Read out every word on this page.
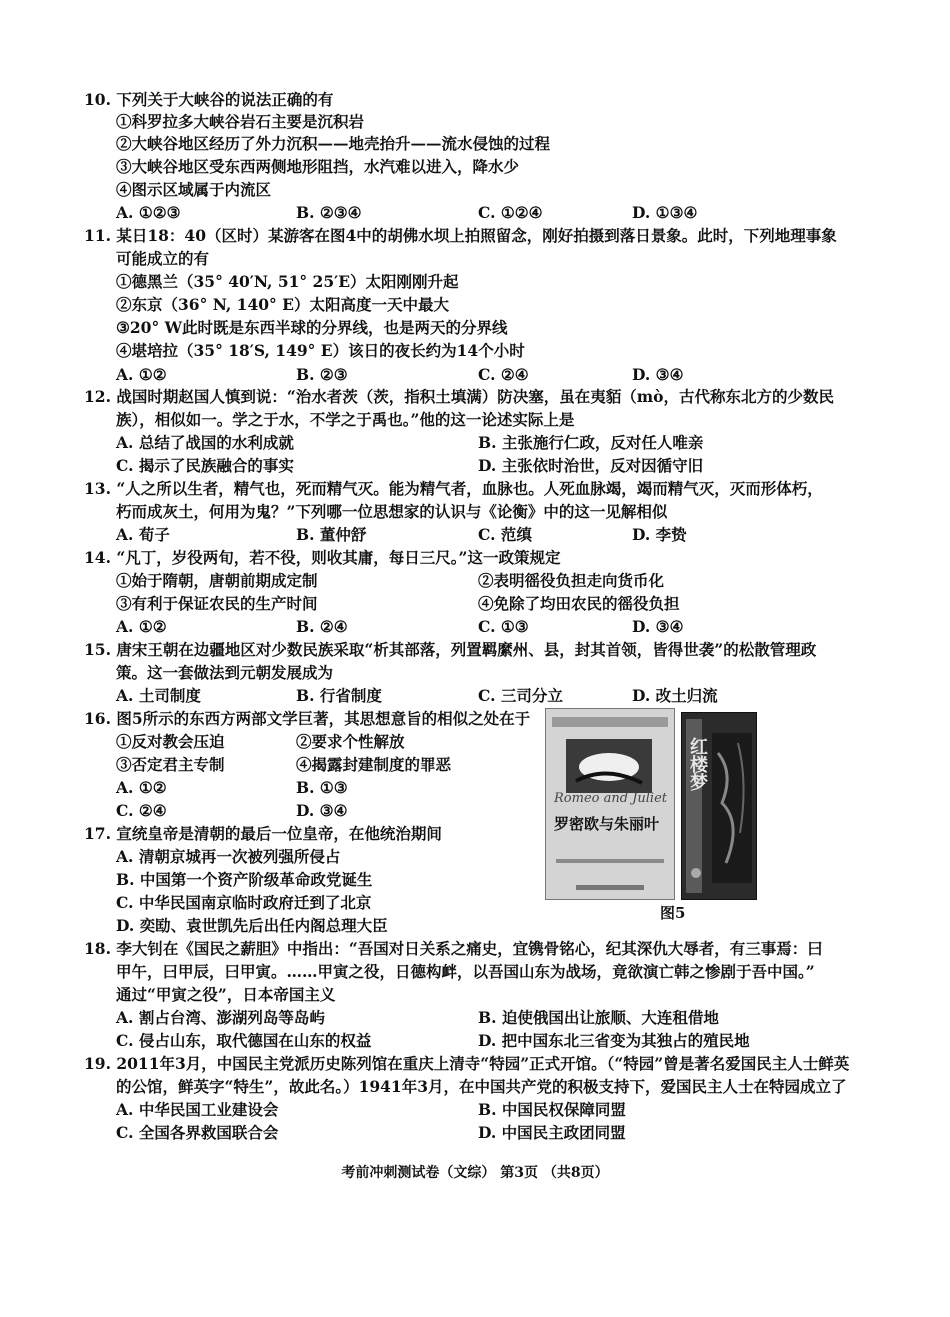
10. 下列关于大峡谷的说法正确的有
①科罗拉多大峡谷岩石主要是沉积岩
②大峡谷地区经历了外力沉积——地壳抬升——流水侵蚀的过程
③大峡谷地区受东西两侧地形阻挡，水汽难以进入，降水少
④图示区域属于内流区
A. ①②③	B. ②③④	C. ①②④	D. ①③④
11. 某日18：40（区时）某游客在图4中的胡佛水坝上拍照留念，刚好拍摄到落日景象。此时，下列地理事象
可能成立的有
①德黑兰（35° 40′N, 51° 25′E）太阳刚刚升起
②东京（36° N, 140° E）太阳高度一天中最大
③20° W此时既是东西半球的分界线，也是两天的分界线
④堪培拉（35° 18′S, 149° E）该日的夜长约为14个小时
A. ①②	B. ②③	C. ②④	D. ③④
12. 战国时期赵国人慎到说：“治水者茨（茨，指积土填满）防决塞，虽在夷貊（mò，古代称东北方的少数民
族），相似如一。学之于水，不学之于禹也。”他的这一论述实际上是
A. 总结了战国的水利成就	B. 主张施行仁政，反对任人唯亲
C. 揭示了民族融合的事实	D. 主张依时治世，反对因循守旧
13. “人之所以生者，精气也，死而精气灭。能为精气者，血脉也。人死血脉竭，竭而精气灭，灭而形体朽，
朽而成灰土，何用为鬼？”下列哪一位思想家的认识与《论衡》中的这一见解相似
A. 荀子	B. 董仲舒	C. 范缜	D. 李贽
14. “凡丁，岁役两旬，若不役，则收其庸，每日三尺。”这一政策规定
①始于隋朝，唐朝前期成定制	②表明徭役负担走向货币化
③有利于保证农民的生产时间	④免除了均田农民的徭役负担
A. ①②	B. ②④	C. ①③	D. ③④
15. 唐宋王朝在边疆地区对少数民族采取“析其部落，列置羁縻州、县，封其首领，皆得世袭”的松散管理政
策。这一套做法到元朝发展成为
A. 土司制度	B. 行省制度	C. 三司分立	D. 改土归流
16. 图5所示的东西方两部文学巨著，其思想意旨的相似之处在于
①反对教会压迫	②要求个性解放
③否定君主专制	④揭露封建制度的罪恶
A. ①②	B. ①③
C. ②④	D. ③④
Romeo and Juliet
罗密欧与朱丽叶
红楼梦
图5
17. 宣统皇帝是清朝的最后一位皇帝，在他统治期间
A. 清朝京城再一次被列强所侵占
B. 中国第一个资产阶级革命政党诞生
C. 中华民国南京临时政府迁到了北京
D. 奕劻、袁世凯先后出任内阁总理大臣
18. 李大钊在《国民之薪胆》中指出：“吾国对日关系之痛史，宜镌骨铭心，纪其深仇大辱者，有三事焉：曰
甲午，曰甲辰，曰甲寅。……甲寅之役，日德构衅，以吾国山东为战场，竟欲演亡韩之惨剧于吾中国。”
通过“甲寅之役”，日本帝国主义
A. 割占台湾、澎湖列岛等岛屿	B. 迫使俄国出让旅顺、大连租借地
C. 侵占山东，取代德国在山东的权益	D. 把中国东北三省变为其独占的殖民地
19. 2011年3月，中国民主党派历史陈列馆在重庆上清寺“特园”正式开馆。（“特园”曾是著名爱国民主人士鲜英
的公馆，鲜英字“特生”，故此名。）1941年3月，在中国共产党的积极支持下，爱国民主人士在特园成立了
A. 中华民国工业建设会	B. 中国民权保障同盟
C. 全国各界救国联合会	D. 中国民主政团同盟
考前冲刺测试卷（文综） 第3页 （共8页）
